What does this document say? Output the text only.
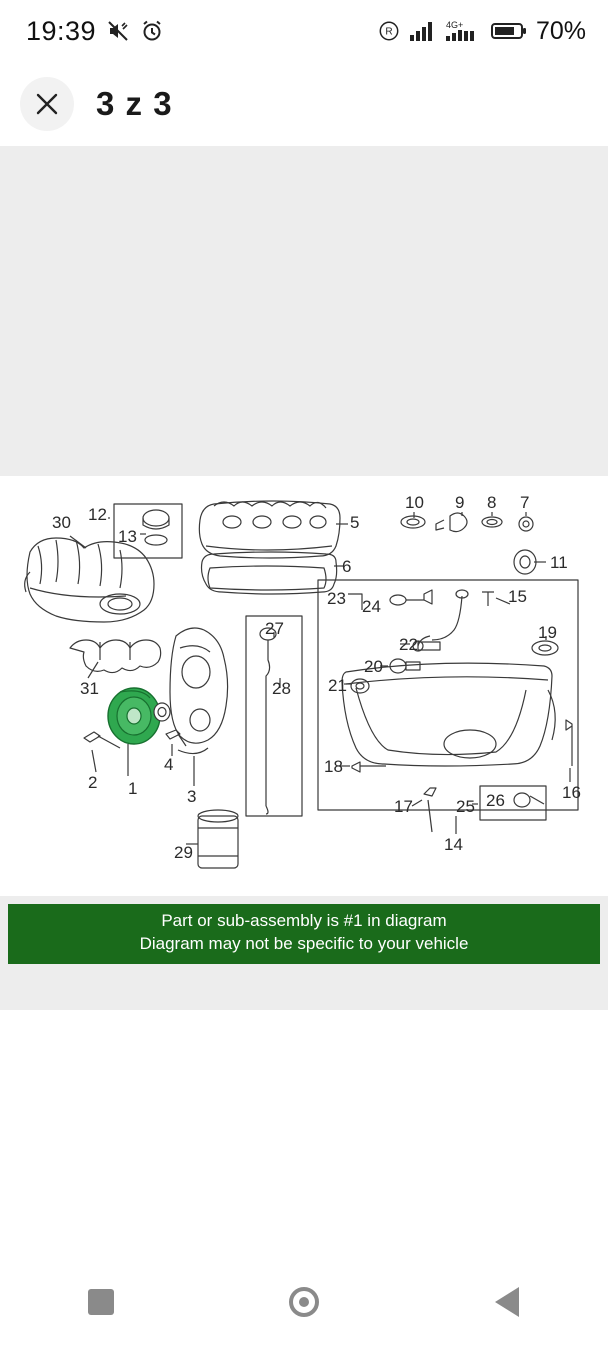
19:39	R
4G+	70%
3 z 3
30 12
13
5
6
10 9 8 7
11
23 24
15
19
22
20
21
27
28
31
1
2
3
4	18
17	25 26	16
14
29
Part or sub-assembly is #1 in diagram
Diagram may not be specific to your vehicle
